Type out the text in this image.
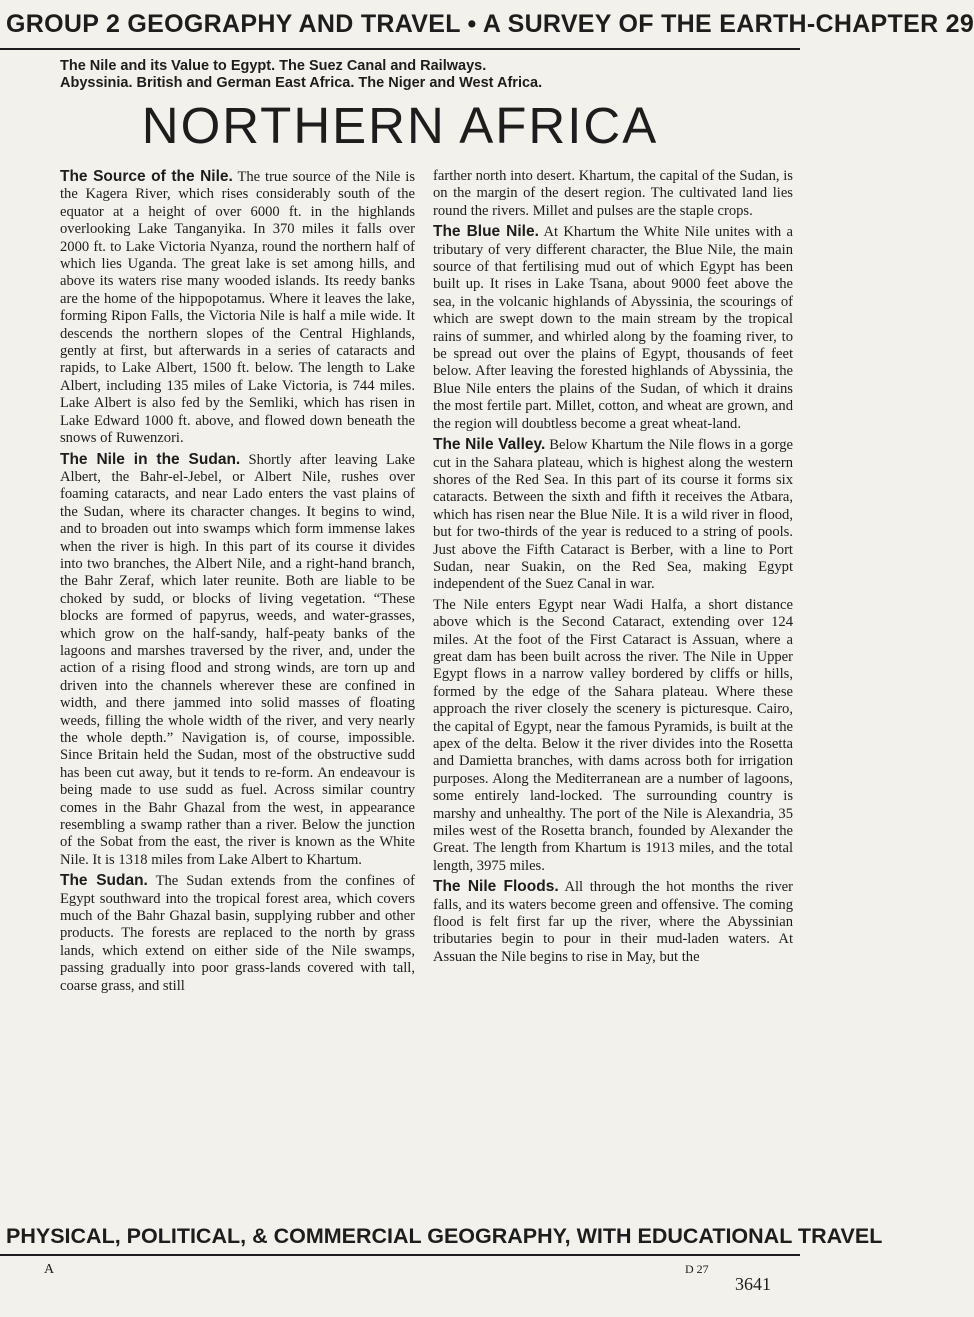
GROUP 2 GEOGRAPHY AND TRAVEL • A SURVEY OF THE EARTH-CHAPTER 29
The Nile and its Value to Egypt. The Suez Canal and Railways.
Abyssinia. British and German East Africa. The Niger and West Africa.
NORTHERN AFRICA

The Source of the Nile. The true source of the Nile is the Kagera River, which rises considerably south of the equator at a height of over 6000 ft. in the highlands overlooking Lake Tanganyika. In 370 miles it falls over 2000 ft. to Lake Victoria Nyanza, round the northern half of which lies Uganda. The great lake is set among hills, and above its waters rise many wooded islands. Its reedy banks are the home of the hippopotamus. Where it leaves the lake, forming Ripon Falls, the Victoria Nile is half a mile wide. It descends the northern slopes of the Central Highlands, gently at first, but afterwards in a series of cataracts and rapids, to Lake Albert, 1500 ft. below. The length to Lake Albert, including 135 miles of Lake Victoria, is 744 miles. Lake Albert is also fed by the Semliki, which has risen in Lake Edward 1000 ft. above, and flowed down beneath the snows of Ruwenzori.

The Nile in the Sudan. Shortly after leaving Lake Albert, the Bahr-el-Jebel, or Albert Nile, rushes over foaming cataracts, and near Lado enters the vast plains of the Sudan, where its character changes. It begins to wind, and to broaden out into swamps which form immense lakes when the river is high. In this part of its course it divides into two branches, the Albert Nile, and a right-hand branch, the Bahr Zeraf, which later reunite. Both are liable to be choked by sudd, or blocks of living vegetation. “These blocks are formed of papyrus, weeds, and water-grasses, which grow on the half-sandy, half-peaty banks of the lagoons and marshes traversed by the river, and, under the action of a rising flood and strong winds, are torn up and driven into the channels wherever these are confined in width, and there jammed into solid masses of floating weeds, filling the whole width of the river, and very nearly the whole depth.” Navigation is, of course, impossible. Since Britain held the Sudan, most of the obstructive sudd has been cut away, but it tends to re-form. An endeavour is being made to use sudd as fuel. Across similar country comes in the Bahr Ghazal from the west, in appearance resembling a swamp rather than a river. Below the junction of the Sobat from the east, the river is known as the White Nile. It is 1318 miles from Lake Albert to Khartum.

The Sudan. The Sudan extends from the confines of Egypt southward into the tropical forest area, which covers much of the Bahr Ghazal basin, supplying rubber and other products. The forests are replaced to the north by grass lands, which extend on either side of the Nile swamps, passing gradually into poor grass-lands covered with tall, coarse grass, and still

farther north into desert. Khartum, the capital of the Sudan, is on the margin of the desert region. The cultivated land lies round the rivers. Millet and pulses are the staple crops.

The Blue Nile. At Khartum the White Nile unites with a tributary of very different character, the Blue Nile, the main source of that fertilising mud out of which Egypt has been built up. It rises in Lake Tsana, about 9000 feet above the sea, in the volcanic highlands of Abyssinia, the scourings of which are swept down to the main stream by the tropical rains of summer, and whirled along by the foaming river, to be spread out over the plains of Egypt, thousands of feet below. After leaving the forested highlands of Abyssinia, the Blue Nile enters the plains of the Sudan, of which it drains the most fertile part. Millet, cotton, and wheat are grown, and the region will doubtless become a great wheat-land.

The Nile Valley. Below Khartum the Nile flows in a gorge cut in the Sahara plateau, which is highest along the western shores of the Red Sea. In this part of its course it forms six cataracts. Between the sixth and fifth it receives the Atbara, which has risen near the Blue Nile. It is a wild river in flood, but for two-thirds of the year is reduced to a string of pools. Just above the Fifth Cataract is Berber, with a line to Port Sudan, near Suakin, on the Red Sea, making Egypt independent of the Suez Canal in war.

The Nile enters Egypt near Wadi Halfa, a short distance above which is the Second Cataract, extending over 124 miles. At the foot of the First Cataract is Assuan, where a great dam has been built across the river. The Nile in Upper Egypt flows in a narrow valley bordered by cliffs or hills, formed by the edge of the Sahara plateau. Where these approach the river closely the scenery is picturesque. Cairo, the capital of Egypt, near the famous Pyramids, is built at the apex of the delta. Below it the river divides into the Rosetta and Damietta branches, with dams across both for irrigation purposes. Along the Mediterranean are a number of lagoons, some entirely land-locked. The surrounding country is marshy and unhealthy. The port of the Nile is Alexandria, 35 miles west of the Rosetta branch, founded by Alexander the Great. The length from Khartum is 1913 miles, and the total length, 3975 miles.

The Nile Floods. All through the hot months the river falls, and its waters become green and offensive. The coming flood is felt first far up the river, where the Abyssinian tributaries begin to pour in their mud-laden waters. At Assuan the Nile begins to rise in May, but the

PHYSICAL, POLITICAL, & COMMERCIAL GEOGRAPHY, WITH EDUCATIONAL TRAVEL
A	D 27
3641
